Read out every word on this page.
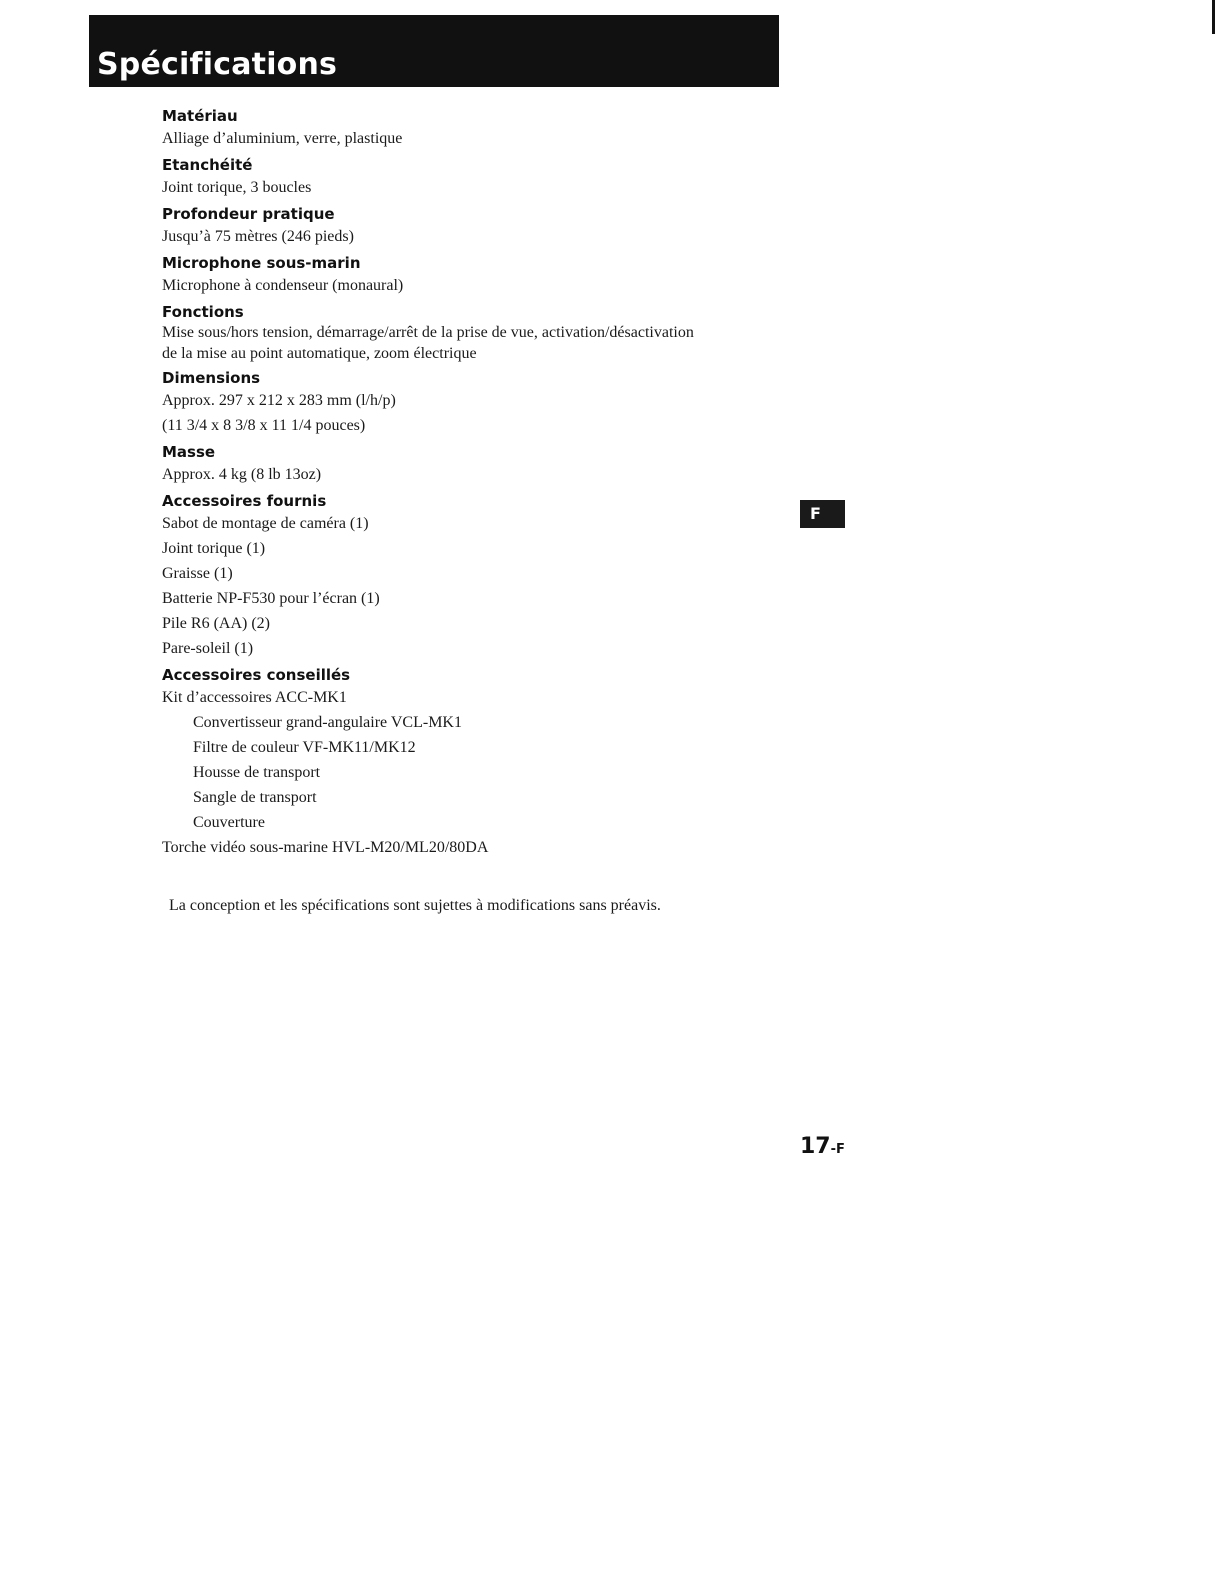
Spécifications

Matériau

Alliage d’aluminium, verre, plastique

Etanchéité

Joint torique, 3 boucles

Profondeur pratique

Jusqu’à 75 mètres (246 pieds)

Microphone sous-marin

Microphone à condenseur (monaural)

Fonctions

Mise sous/hors tension, démarrage/arrêt de la prise de vue, activation/désactivation

de la mise au point automatique, zoom électrique

Dimensions

Approx. 297 x 212 x 283 mm (l/h/p)

(11 3/4 x 8 3/8 x 11 1/4 pouces)

Masse

Approx. 4 kg (8 lb 13oz)

Accessoires fournis

Sabot de montage de caméra (1)

Joint torique (1)

Graisse (1)

Batterie NP-F530 pour l’écran (1)

Pile R6 (AA) (2)

Pare-soleil (1)

Accessoires conseillés

Kit d’accessoires ACC-MK1

Convertisseur grand-angulaire VCL-MK1

Filtre de couleur VF-MK11/MK12

Housse de transport

Sangle de transport

Couverture

Torche vidéo sous-marine HVL-M20/ML20/80DA

La conception et les spécifications sont sujettes à modifications sans préavis.

F
17-F
